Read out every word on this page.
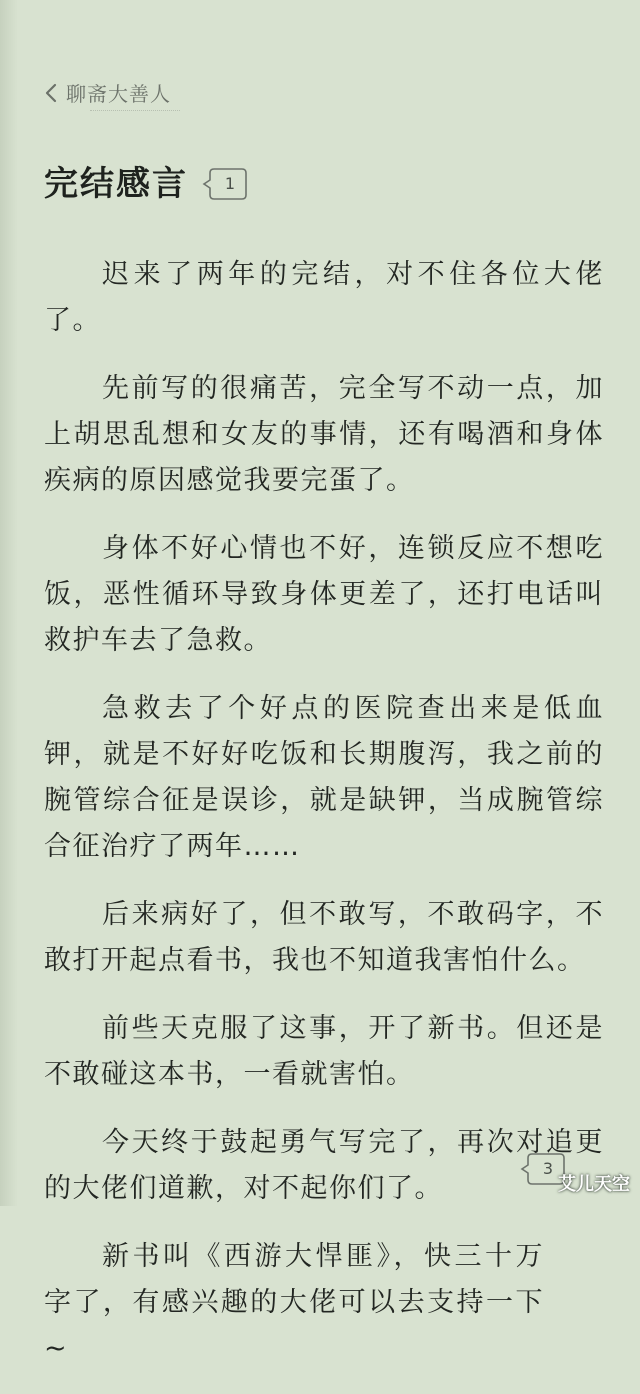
聊斋大善人
完结感言	1

迟来了两年的完结，对不住各位大佬了。

先前写的很痛苦，完全写不动一点，加上胡思乱想和女友的事情，还有喝酒和身体疾病的原因感觉我要完蛋了。

身体不好心情也不好，连锁反应不想吃饭，恶性循环导致身体更差了，还打电话叫救护车去了急救。

急救去了个好点的医院查出来是低血钾，就是不好好吃饭和长期腹泻，我之前的腕管综合征是误诊，就是缺钾，当成腕管综合征治疗了两年……

后来病好了，但不敢写，不敢码字，不敢打开起点看书，我也不知道我害怕什么。

前些天克服了这事，开了新书。但还是不敢碰这本书，一看就害怕。

今天终于鼓起勇气写完了，再次对追更的大佬们道歉，对不起你们了。

新书叫《西游大悍匪》，快三十万字了，有感兴趣的大佬可以去支持一下~

3
艾儿天空
